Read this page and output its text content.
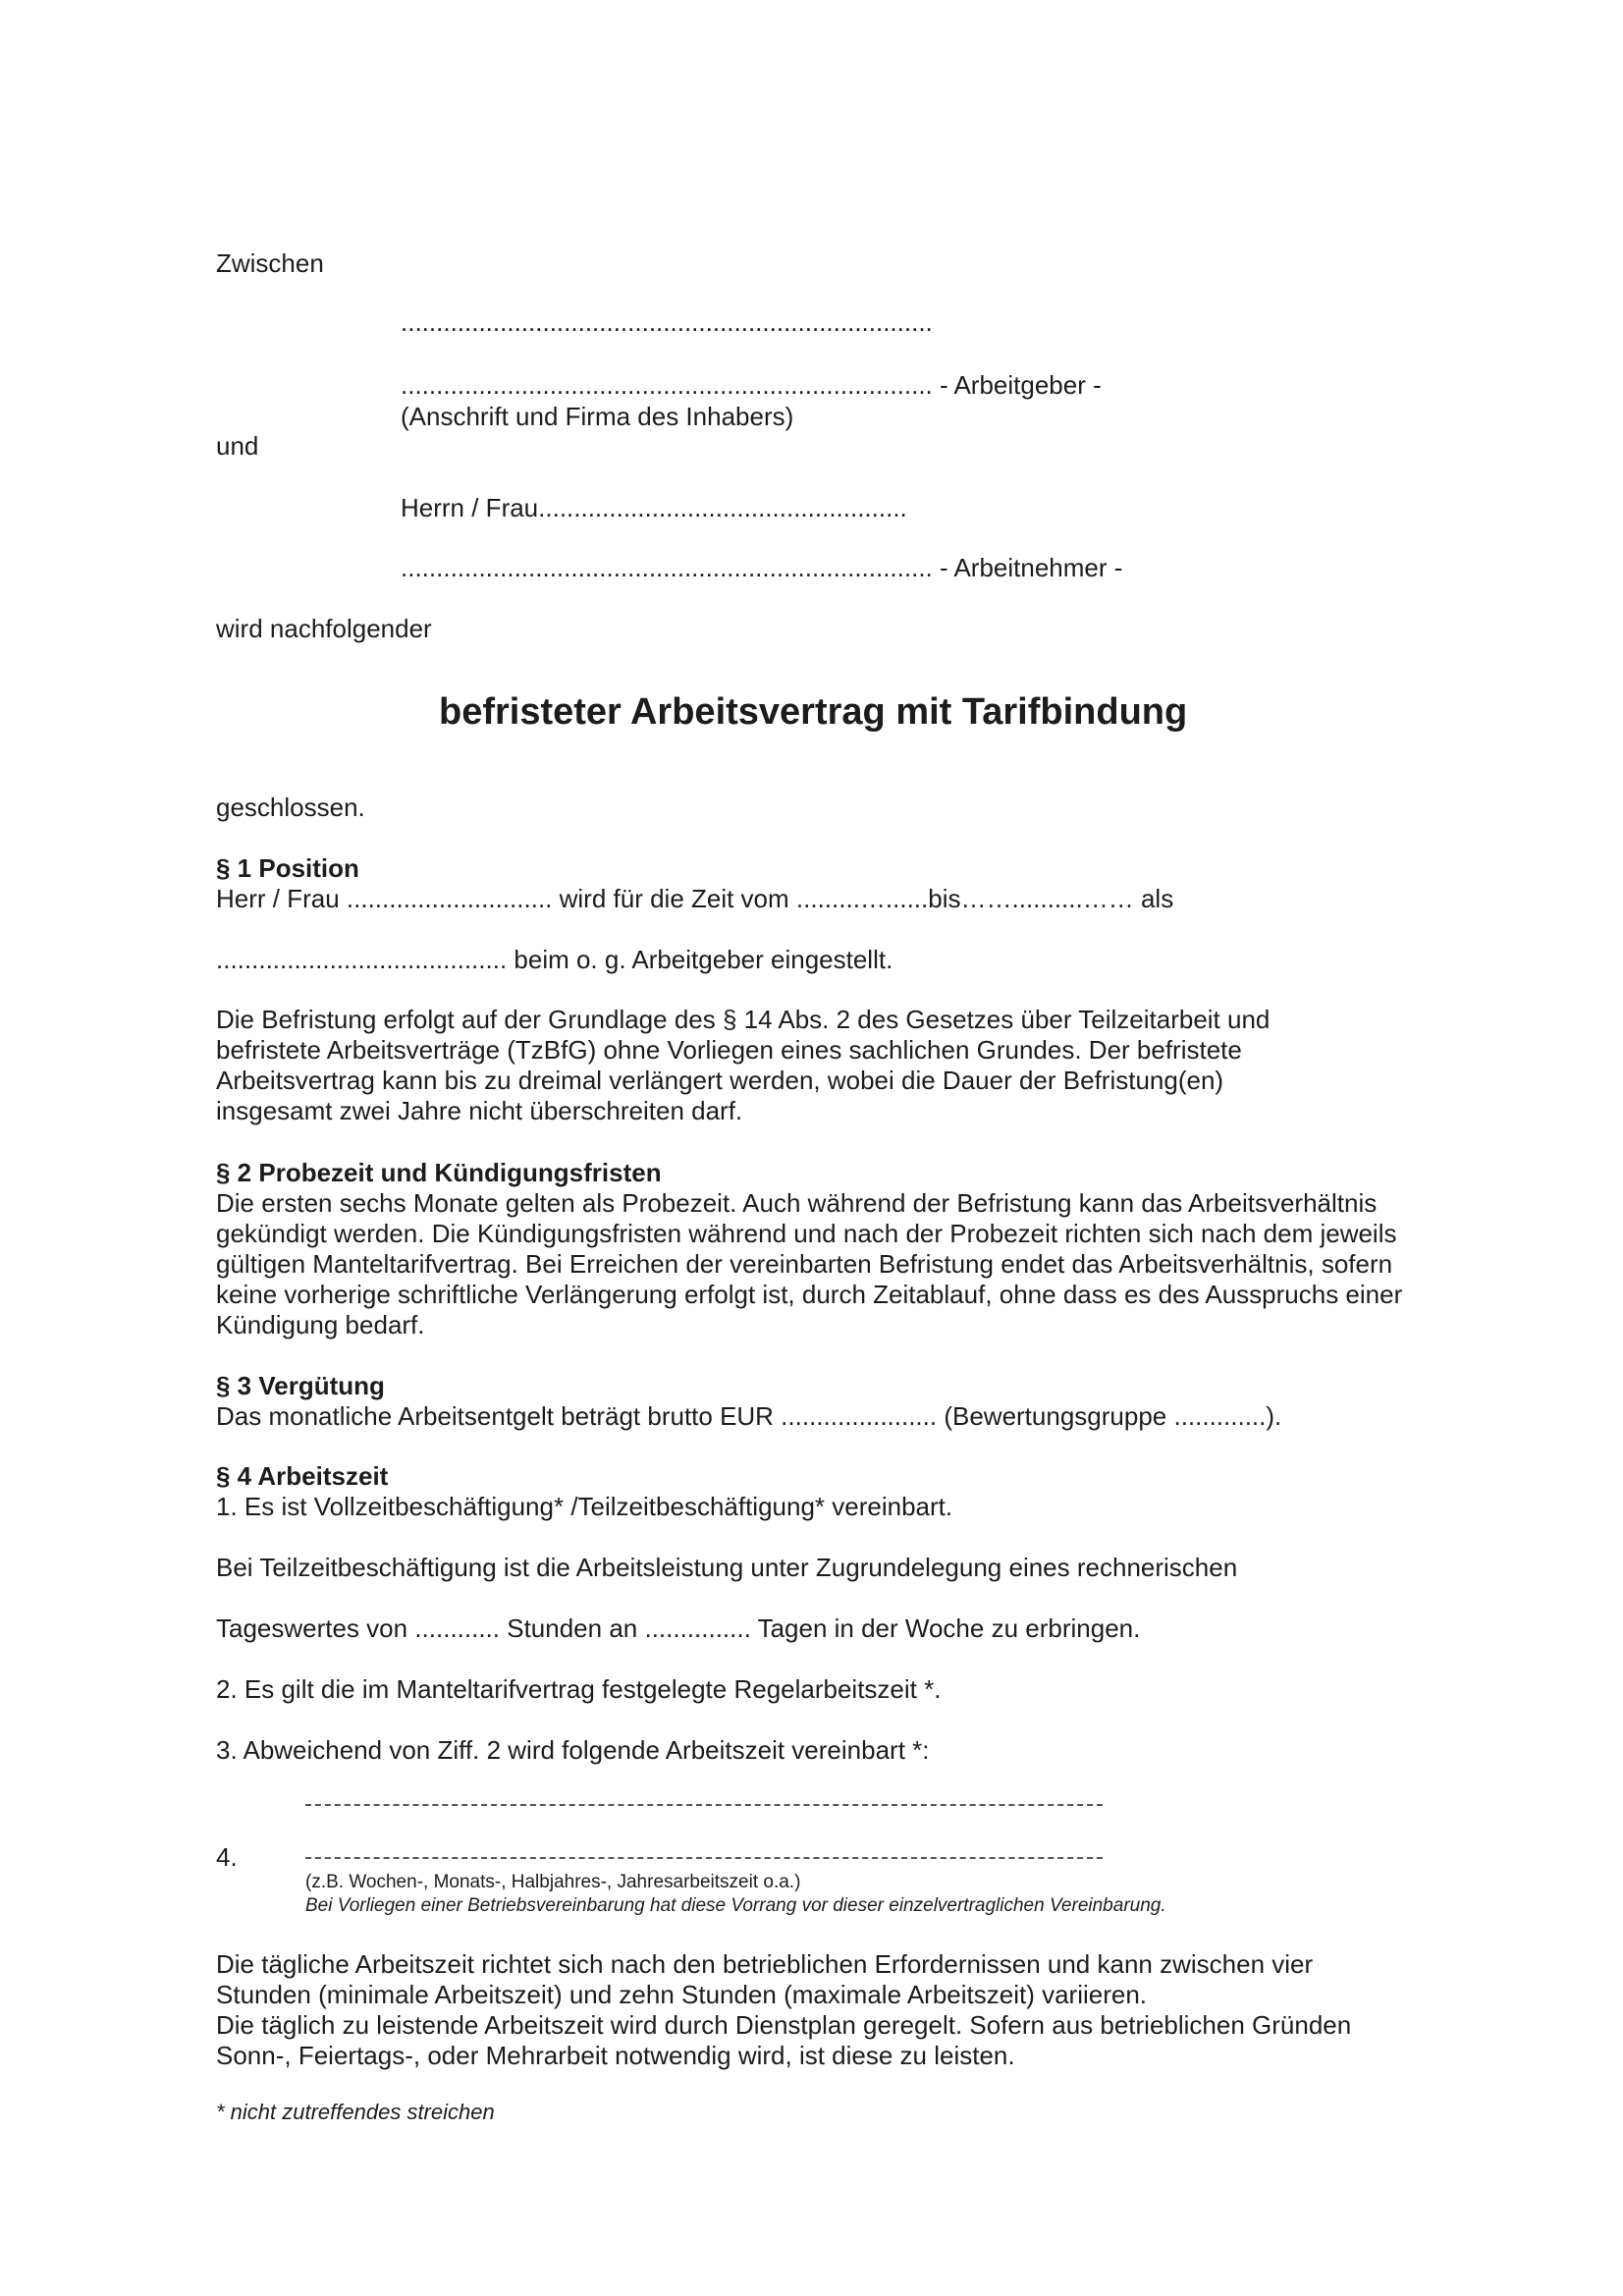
Zwischen
...........................................................................
........................................................................... - Arbeitgeber -
(Anschrift und Firma des Inhabers)
und
Herrn / Frau....................................................
........................................................................... - Arbeitnehmer -
wird nachfolgender
befristeter Arbeitsvertrag mit Tarifbindung
geschlossen.
§ 1 Position
Herr / Frau ............................. wird für die Zeit vom .........…......bis……..........…… als
......................................... beim o. g. Arbeitgeber eingestellt.
Die Befristung erfolgt auf der Grundlage des § 14 Abs. 2 des Gesetzes über Teilzeitarbeit und befristete Arbeitsverträge (TzBfG) ohne Vorliegen eines sachlichen Grundes. Der befristete Arbeitsvertrag kann bis zu dreimal verlängert werden, wobei die Dauer der Befristung(en) insgesamt zwei Jahre nicht überschreiten darf.
§ 2 Probezeit und Kündigungsfristen
Die ersten sechs Monate gelten als Probezeit. Auch während der Befristung kann das Arbeitsverhältnis gekündigt werden. Die Kündigungsfristen während und nach der Probezeit richten sich nach dem jeweils gültigen Manteltarifvertrag. Bei Erreichen der vereinbarten Befristung endet das Arbeitsverhältnis, sofern keine vorherige schriftliche Verlängerung erfolgt ist, durch Zeitablauf, ohne dass es des Ausspruchs einer Kündigung bedarf.
§ 3 Vergütung
Das monatliche Arbeitsentgelt beträgt brutto EUR ...................... (Bewertungsgruppe .............).
§ 4 Arbeitszeit
1. Es ist Vollzeitbeschäftigung* /Teilzeitbeschäftigung* vereinbart.
Bei Teilzeitbeschäftigung ist die Arbeitsleistung unter Zugrundelegung eines rechnerischen
Tageswertes von ............ Stunden an ............... Tagen in der Woche zu erbringen.
2. Es gilt die im Manteltarifvertrag festgelegte Regelarbeitszeit *.
3. Abweichend von Ziff. 2 wird folgende Arbeitszeit vereinbart *:
4.
(z.B. Wochen-, Monats-, Halbjahres-, Jahresarbeitszeit o.a.)
Bei Vorliegen einer Betriebsvereinbarung hat diese Vorrang vor dieser einzelvertraglichen Vereinbarung.
Die tägliche Arbeitszeit richtet sich nach den betrieblichen Erfordernissen und kann zwischen vier Stunden (minimale Arbeitszeit) und zehn Stunden (maximale Arbeitszeit) variieren.
Die täglich zu leistende Arbeitszeit wird durch Dienstplan geregelt. Sofern aus betrieblichen Gründen Sonn-, Feiertags-, oder Mehrarbeit notwendig wird, ist diese zu leisten.
* nicht zutreffendes streichen
